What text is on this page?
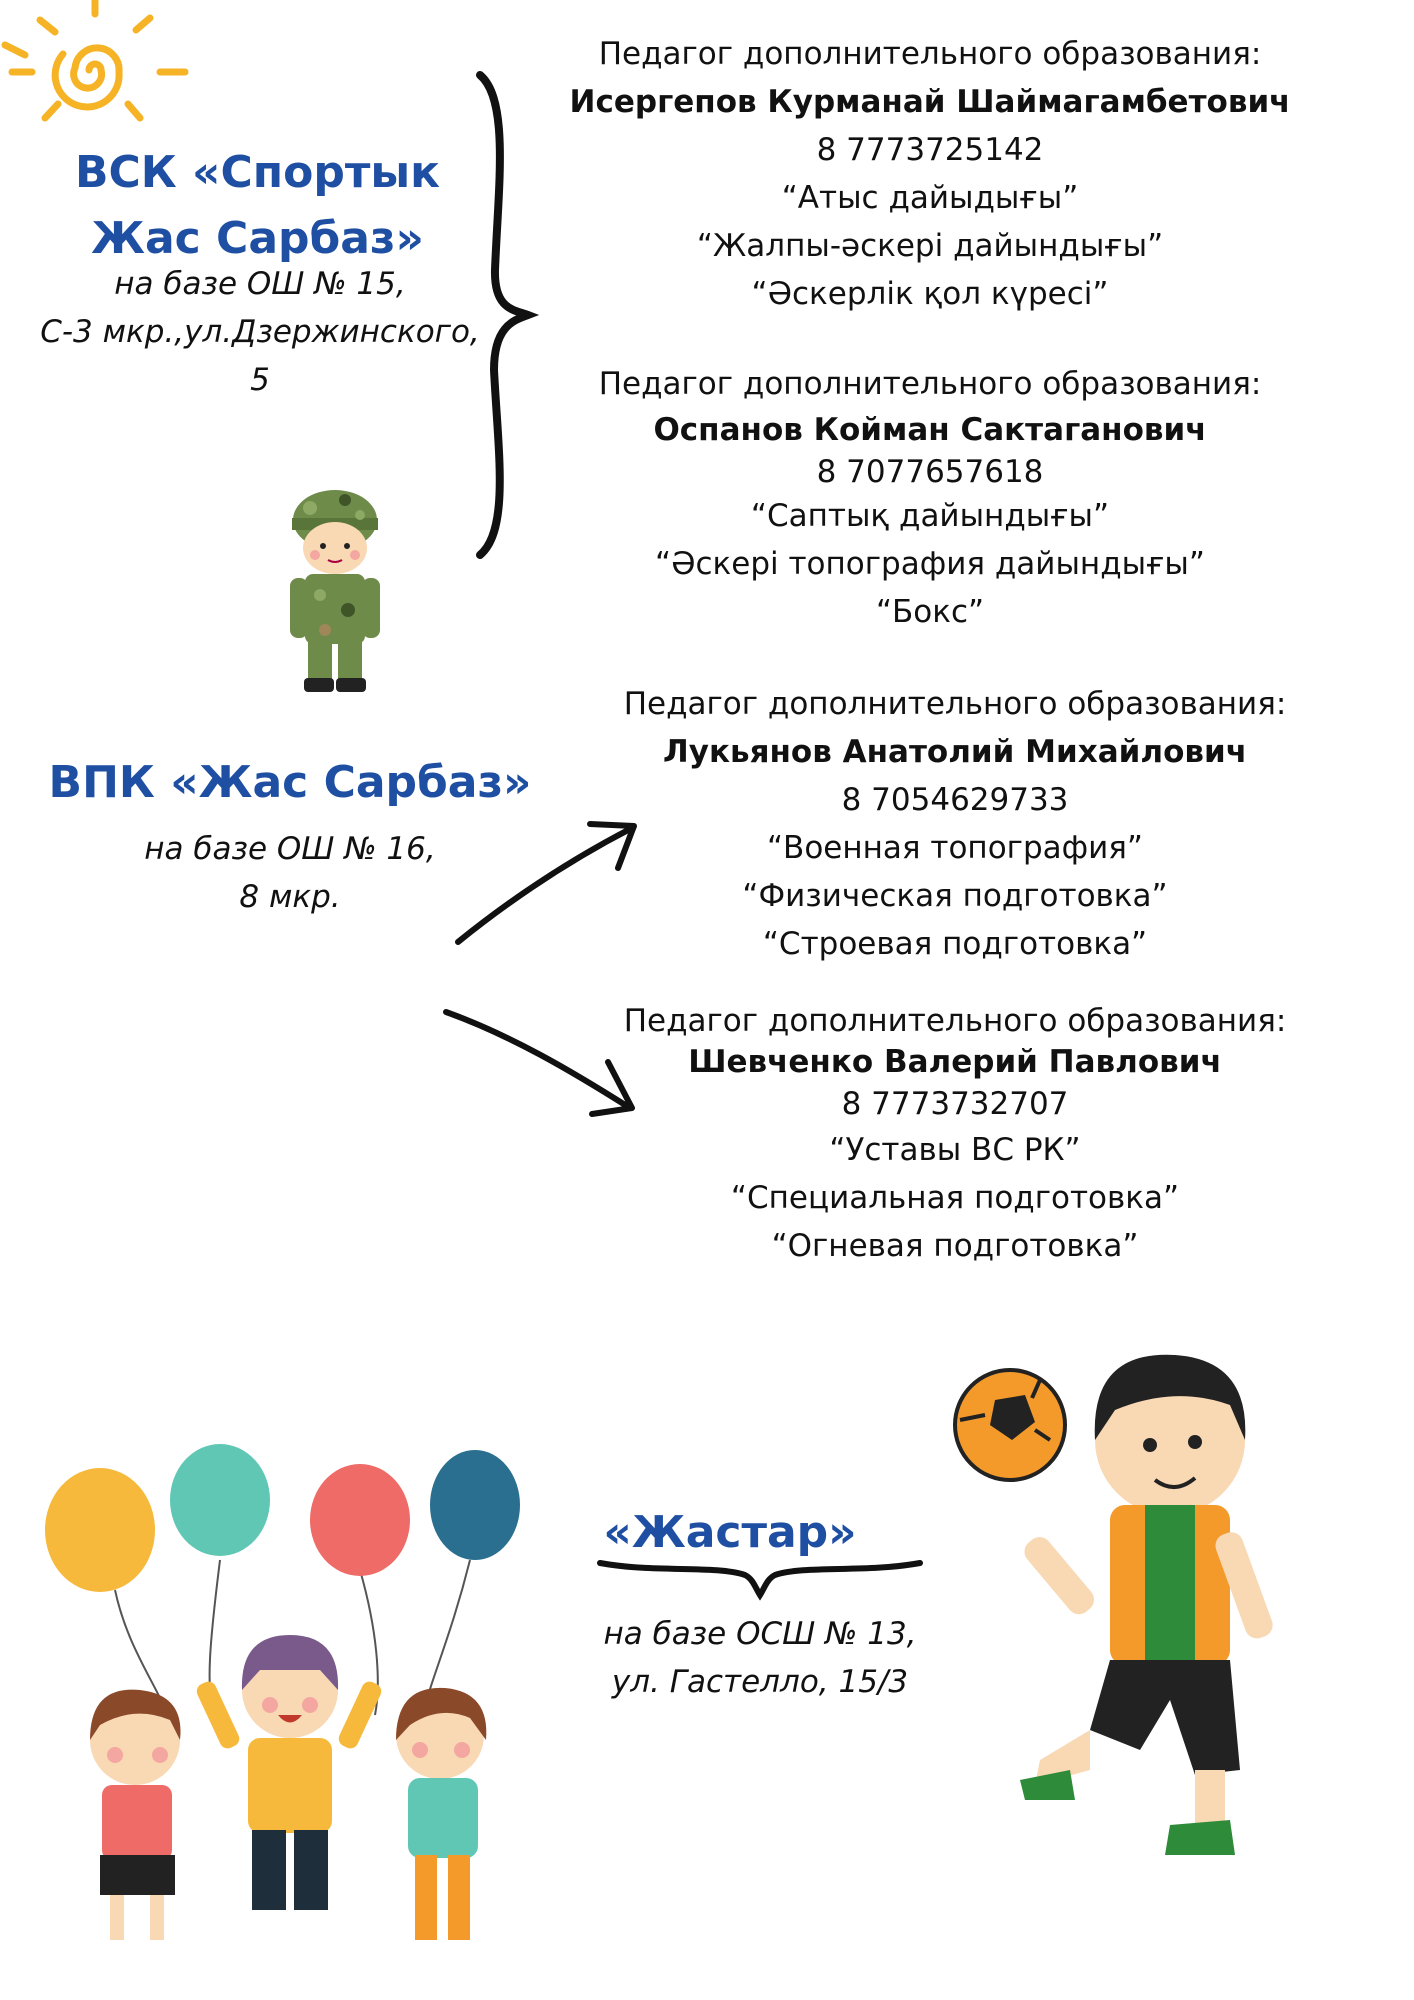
ВСК «Спортык
Жас Сарбаз»
на базе ОШ № 15,
С-3 мкр.,ул.Дзержинского,
5
Педагог дополнительного образования:
Исергепов Курманай Шаймагамбетович
8 7773725142
“Атыс дайыдығы”
“Жалпы-әскері дайындығы”
“Әскерлік қол күресі”
Педагог дополнительного образования:
Оспанов Койман Сактаганович
8 7077657618
“Саптық дайындығы”
“Әскері топография дайындығы”
“Бокс”
ВПК «Жас Сарбаз»
на базе ОШ № 16,
8 мкр.
Педагог дополнительного образования:
Лукьянов Анатолий Михайлович
8 7054629733
“Военная топография”
“Физическая подготовка”
“Строевая подготовка”
Педагог дополнительного образования:
Шевченко Валерий Павлович
8 7773732707
“Уставы ВС РК”
“Специальная подготовка”
“Огневая подготовка”
«Жастар»
на базе ОСШ № 13,
ул. Гастелло, 15/3
